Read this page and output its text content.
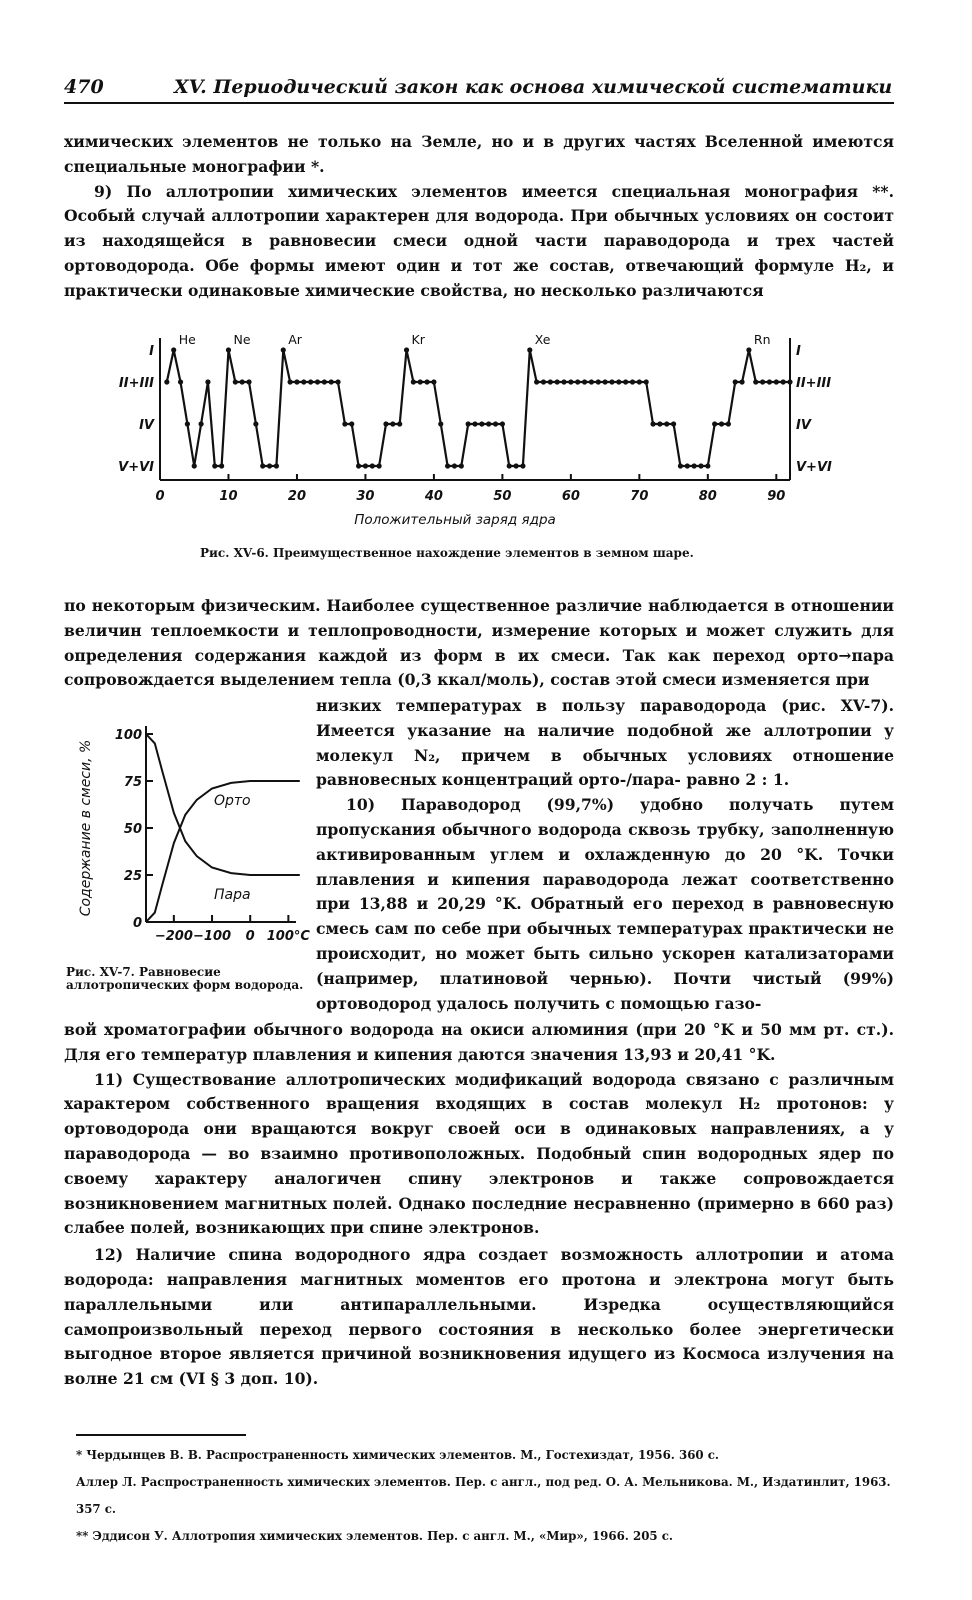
470	XV. Периодический закон как основа химической систематики

химических элементов не только на Земле, но и в других частях Вселенной имеются специальные монографии *.

9) По аллотропии химических элементов имеется специальная монография **. Особый случай аллотропии характерен для водорода. При обычных условиях он состоит из находящейся в равновесии смеси одной части параводорода и трех частей ортоводорода. Обе формы имеют один и тот же состав, отвечающий формуле H₂, и практически одинаковые химические свойства, но несколько различаются

0	10	20	30	40	50	60	70	80	90
Положительный заряд ядра
I	I
II+III	II+III
IV	IV
V+VI	V+VI
He	Ne	Ar	Kr	Xe	Rn
Рис. XV-6. Преимущественное нахождение элементов в земном шаре.
по некоторым физическим. Наиболее существенное различие наблюдается в отношении величин теплоемкости и теплопроводности, измерение которых и может служить для определения содержания каждой из форм в их смеси. Так как переход орто→пара сопровождается выделением тепла (0,3 ккал/моль), состав этой смеси изменяется при
100
75
50
25
0
−200 −100 0 100°C
Содержание в смеси, %	Орто
Пара
Рис. XV-7. Равновесие аллотропических форм водорода.

низких температурах в пользу параводорода (рис. XV-7). Имеется указание на наличие подобной же аллотропии у молекул N₂, причем в обычных условиях отношение равновесных концентраций орто-/пара- равно 2 : 1.

10) Параводород (99,7%) удобно получать путем пропускания обычного водорода сквозь трубку, заполненную активированным углем и охлажденную до 20 °K. Точки плавления и кипения параводорода лежат соответственно при 13,88 и 20,29 °K. Обратный его переход в равновесную смесь сам по себе при обычных температурах практически не происходит, но может быть сильно ускорен катализаторами (например, платиновой чернью). Почти чистый (99%) ортоводород удалось получить с помощью газо-

вой хроматографии обычного водорода на окиси алюминия (при 20 °K и 50 мм рт. ст.). Для его температур плавления и кипения даются значения 13,93 и 20,41 °K.

11) Существование аллотропических модификаций водорода связано с различным характером собственного вращения входящих в состав молекул H₂ протонов: у ортоводорода они вращаются вокруг своей оси в одинаковых направлениях, а у параводорода — во взаимно противоположных. Подобный спин водородных ядер по своему характеру аналогичен спину электронов и также сопровождается возникновением магнитных полей. Однако последние несравненно (примерно в 660 раз) слабее полей, возникающих при спине электронов.

12) Наличие спина водородного ядра создает возможность аллотропии и атома водорода: направления магнитных моментов его протона и электрона могут быть параллельными или антипараллельными. Изредка осуществляющийся самопроизвольный переход первого состояния в несколько более энергетически выгодное второе является причиной возникновения идущего из Космоса излучения на волне 21 см (VI § 3 доп. 10).

* Чердынцев В. В. Распространенность химических элементов. М., Гостехиздат, 1956. 360 с.
Аллер Л. Распространенность химических элементов. Пер. с англ., под ред. О. А. Мельникова. М., Издатинлит, 1963. 357 с.
** Эддисон У. Аллотропия химических элементов. Пер. с англ. М., «Мир», 1966. 205 с.
